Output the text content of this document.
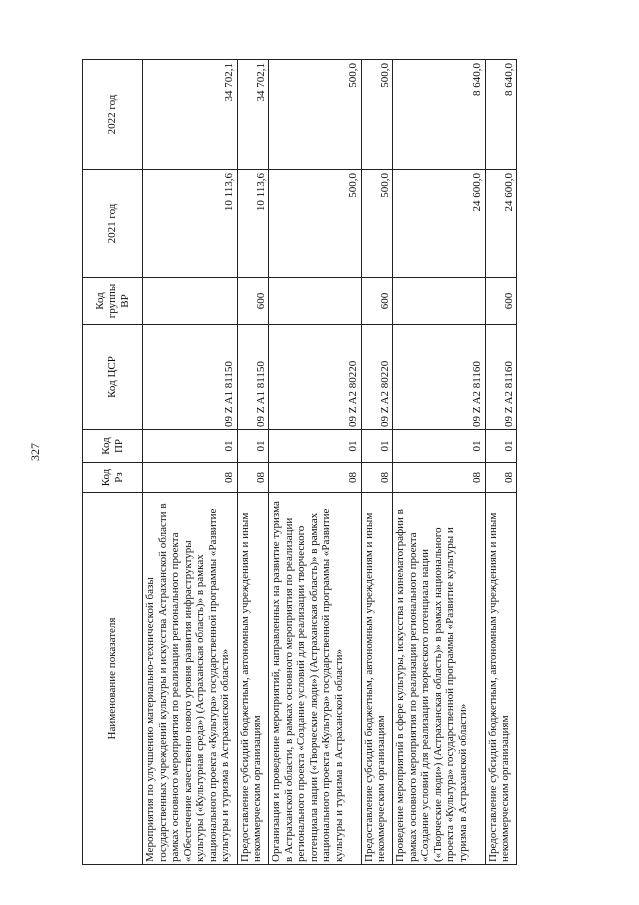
327
Наименование показателя	Код Рз	Код ПР	Код ЦСР	Код группы ВР	2021 год	2022 год
Мероприятия по улучшению материально-технической базы государственных учреждений культуры и искусства Астраханской области в рамках основного мероприятия по реализации регионального проекта «Обеспечение качественно нового уровня развития инфраструктуры культуры («Культурная среда») (Астраханская область)» в рамках национального проекта «Культура» государственной программы «Развитие культуры и туризма в Астраханской области»	08	01	09 Z A1 81150		10 113,6	34 702,1
Предоставление субсидий бюджетным, автономным учреждениям и иным некоммерческим организациям	08	01	09 Z A1 81150	600	10 113,6	34 702,1
Организация и проведение мероприятий, направленных на развитие туризма в Астраханской области, в рамках основного мероприятия по реализации регионального проекта «Создание условий для реализации творческого потенциала нации («Творческие люди») (Астраханская область)» в рамках национального проекта «Культура» государственной программы «Развитие культуры и туризма в Астраханской области»	08	01	09 Z A2 80220		500,0	500,0
Предоставление субсидий бюджетным, автономным учреждениям и иным некоммерческим организациям	08	01	09 Z A2 80220	600	500,0	500,0
Проведение мероприятий в сфере культуры, искусства и кинематографии в рамках основного мероприятия по реализации регионального проекта «Создание условий для реализации творческого потенциала нации («Творческие люди») (Астраханская область)» в рамках национального проекта «Культура» государственной программы «Развитие культуры и туризма в Астраханской области»	08	01	09 Z A2 81160		24 600,0	8 640,0
Предоставление субсидий бюджетным, автономным учреждениям и иным некоммерческим организациям	08	01	09 Z A2 81160	600	24 600,0	8 640,0
